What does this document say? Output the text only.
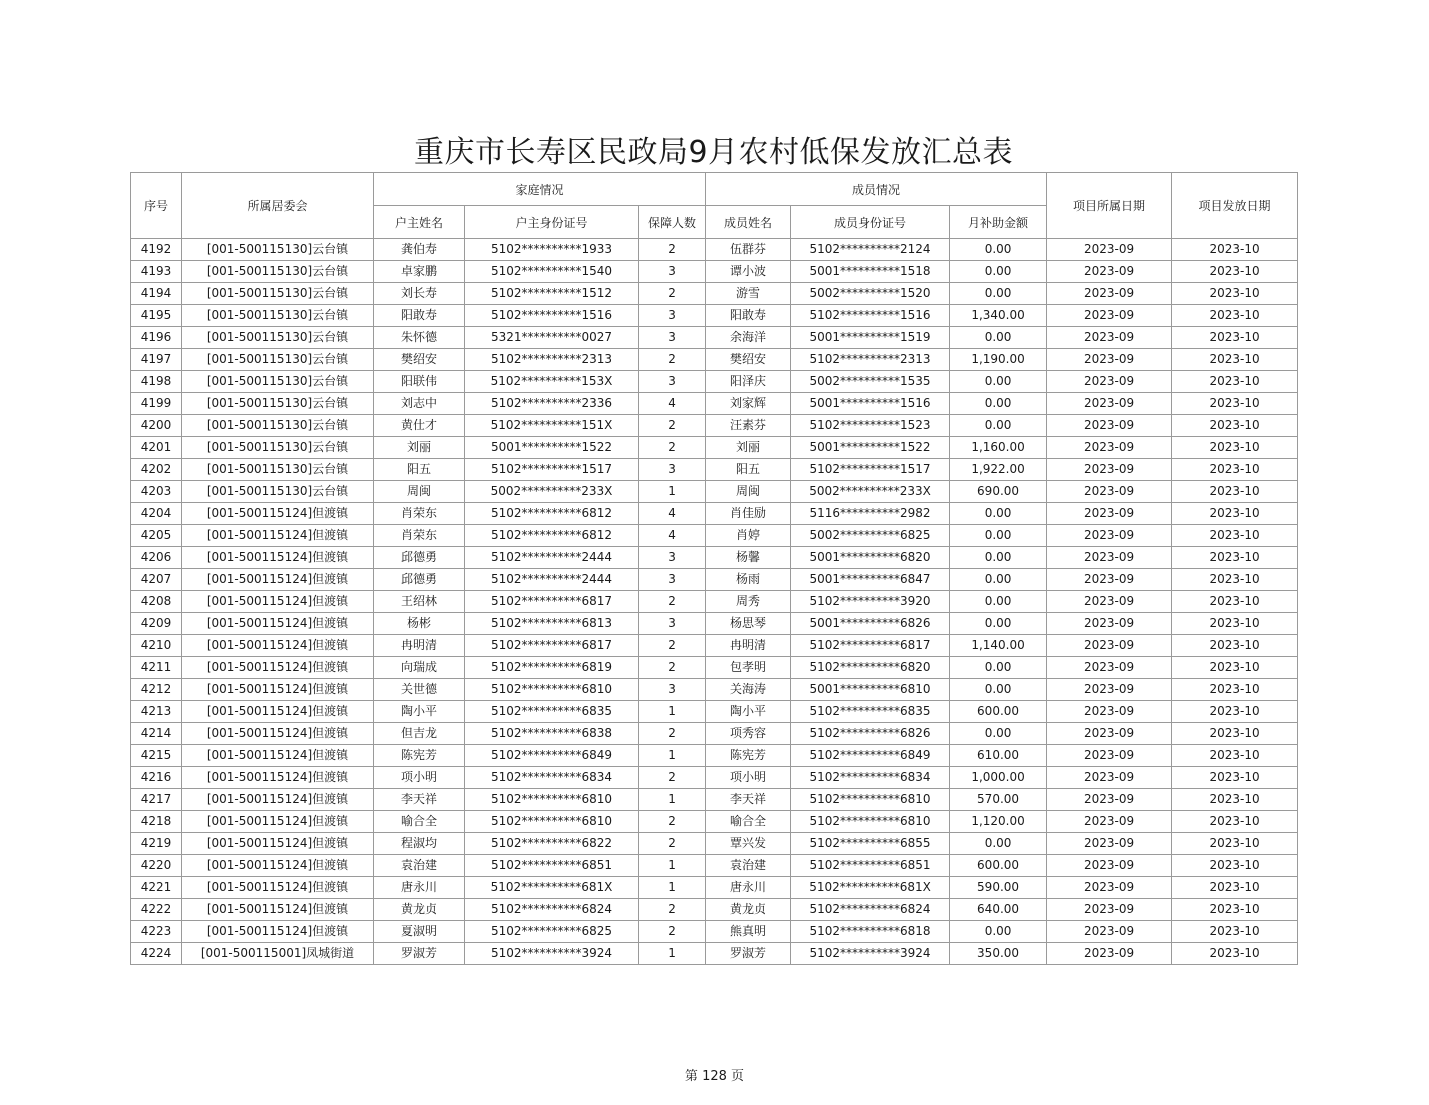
重庆市长寿区民政局9月农村低保发放汇总表
序号	所属居委会	家庭情况			成员情况			项目所属日期	项目发放日期
		户主姓名	户主身份证号	保障人数	成员姓名	成员身份证号	月补助金额		
4192	[001-500115130]云台镇	龚伯寿	5102**********1933	2	伍群芬	5102**********2124	0.00	2023-09	2023-10
4193	[001-500115130]云台镇	卓家鹏	5102**********1540	3	谭小波	5001**********1518	0.00	2023-09	2023-10
4194	[001-500115130]云台镇	刘长寿	5102**********1512	2	游雪	5002**********1520	0.00	2023-09	2023-10
4195	[001-500115130]云台镇	阳敢寿	5102**********1516	3	阳敢寿	5102**********1516	1,340.00	2023-09	2023-10
4196	[001-500115130]云台镇	朱怀德	5321**********0027	3	余海洋	5001**********1519	0.00	2023-09	2023-10
4197	[001-500115130]云台镇	樊绍安	5102**********2313	2	樊绍安	5102**********2313	1,190.00	2023-09	2023-10
4198	[001-500115130]云台镇	阳联伟	5102**********153X	3	阳泽庆	5002**********1535	0.00	2023-09	2023-10
4199	[001-500115130]云台镇	刘志中	5102**********2336	4	刘家辉	5001**********1516	0.00	2023-09	2023-10
4200	[001-500115130]云台镇	黄仕才	5102**********151X	2	汪素芬	5102**********1523	0.00	2023-09	2023-10
4201	[001-500115130]云台镇	刘丽	5001**********1522	2	刘丽	5001**********1522	1,160.00	2023-09	2023-10
4202	[001-500115130]云台镇	阳五	5102**********1517	3	阳五	5102**********1517	1,922.00	2023-09	2023-10
4203	[001-500115130]云台镇	周闽	5002**********233X	1	周闽	5002**********233X	690.00	2023-09	2023-10
4204	[001-500115124]但渡镇	肖荣东	5102**********6812	4	肖佳励	5116**********2982	0.00	2023-09	2023-10
4205	[001-500115124]但渡镇	肖荣东	5102**********6812	4	肖婷	5002**********6825	0.00	2023-09	2023-10
4206	[001-500115124]但渡镇	邱德勇	5102**********2444	3	杨馨	5001**********6820	0.00	2023-09	2023-10
4207	[001-500115124]但渡镇	邱德勇	5102**********2444	3	杨雨	5001**********6847	0.00	2023-09	2023-10
4208	[001-500115124]但渡镇	王绍林	5102**********6817	2	周秀	5102**********3920	0.00	2023-09	2023-10
4209	[001-500115124]但渡镇	杨彬	5102**********6813	3	杨思琴	5001**********6826	0.00	2023-09	2023-10
4210	[001-500115124]但渡镇	冉明清	5102**********6817	2	冉明清	5102**********6817	1,140.00	2023-09	2023-10
4211	[001-500115124]但渡镇	向瑞成	5102**********6819	2	包孝明	5102**********6820	0.00	2023-09	2023-10
4212	[001-500115124]但渡镇	关世德	5102**********6810	3	关海涛	5001**********6810	0.00	2023-09	2023-10
4213	[001-500115124]但渡镇	陶小平	5102**********6835	1	陶小平	5102**********6835	600.00	2023-09	2023-10
4214	[001-500115124]但渡镇	但吉龙	5102**********6838	2	项秀容	5102**********6826	0.00	2023-09	2023-10
4215	[001-500115124]但渡镇	陈宪芳	5102**********6849	1	陈宪芳	5102**********6849	610.00	2023-09	2023-10
4216	[001-500115124]但渡镇	项小明	5102**********6834	2	项小明	5102**********6834	1,000.00	2023-09	2023-10
4217	[001-500115124]但渡镇	李天祥	5102**********6810	1	李天祥	5102**********6810	570.00	2023-09	2023-10
4218	[001-500115124]但渡镇	喻合全	5102**********6810	2	喻合全	5102**********6810	1,120.00	2023-09	2023-10
4219	[001-500115124]但渡镇	程淑均	5102**********6822	2	覃兴发	5102**********6855	0.00	2023-09	2023-10
4220	[001-500115124]但渡镇	袁治建	5102**********6851	1	袁治建	5102**********6851	600.00	2023-09	2023-10
4221	[001-500115124]但渡镇	唐永川	5102**********681X	1	唐永川	5102**********681X	590.00	2023-09	2023-10
4222	[001-500115124]但渡镇	黄龙贞	5102**********6824	2	黄龙贞	5102**********6824	640.00	2023-09	2023-10
4223	[001-500115124]但渡镇	夏淑明	5102**********6825	2	熊真明	5102**********6818	0.00	2023-09	2023-10
4224	[001-500115001]凤城街道	罗淑芳	5102**********3924	1	罗淑芳	5102**********3924	350.00	2023-09	2023-10
第 128 页
